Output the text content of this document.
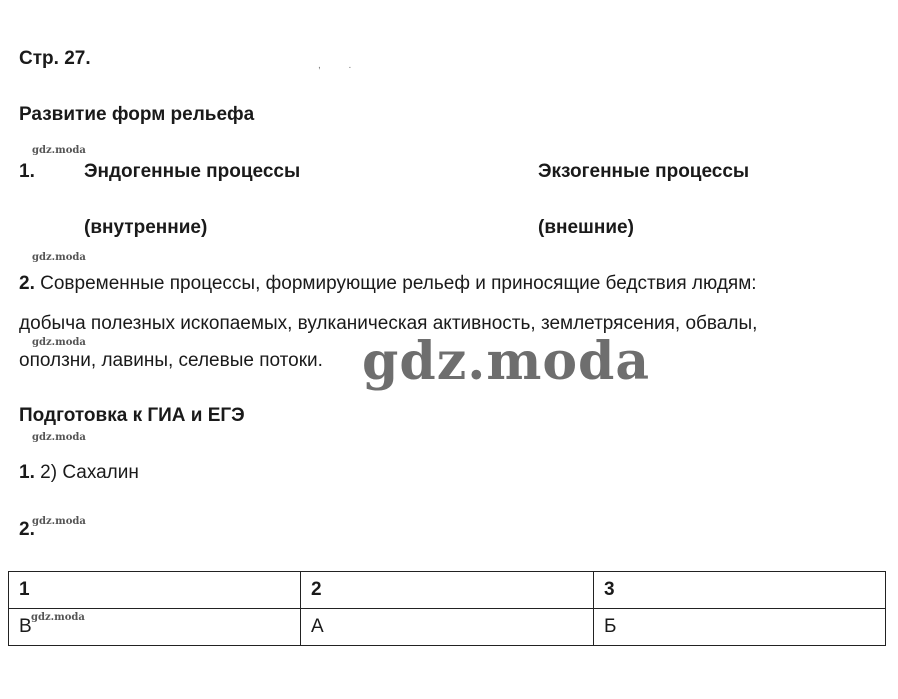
Стр. 27.	,          .
Развитие форм рельефа
gdz.moda
1.	Эндогенные процессы	Экзогенные процессы
(внутренние)	(внешние)
gdz.moda
2. Современные процессы, формирующие рельеф и приносящие бедствия людям:
добыча полезных ископаемых, вулканическая активность, землетрясения, обвалы,
gdz.moda
оползни, лавины, селевые потоки. gdz.moda
Подготовка к ГИА и ЕГЭ
gdz.moda
1. 2) Сахалин
2.
gdz.moda
1	2	3
В gdz.moda	А	Б
